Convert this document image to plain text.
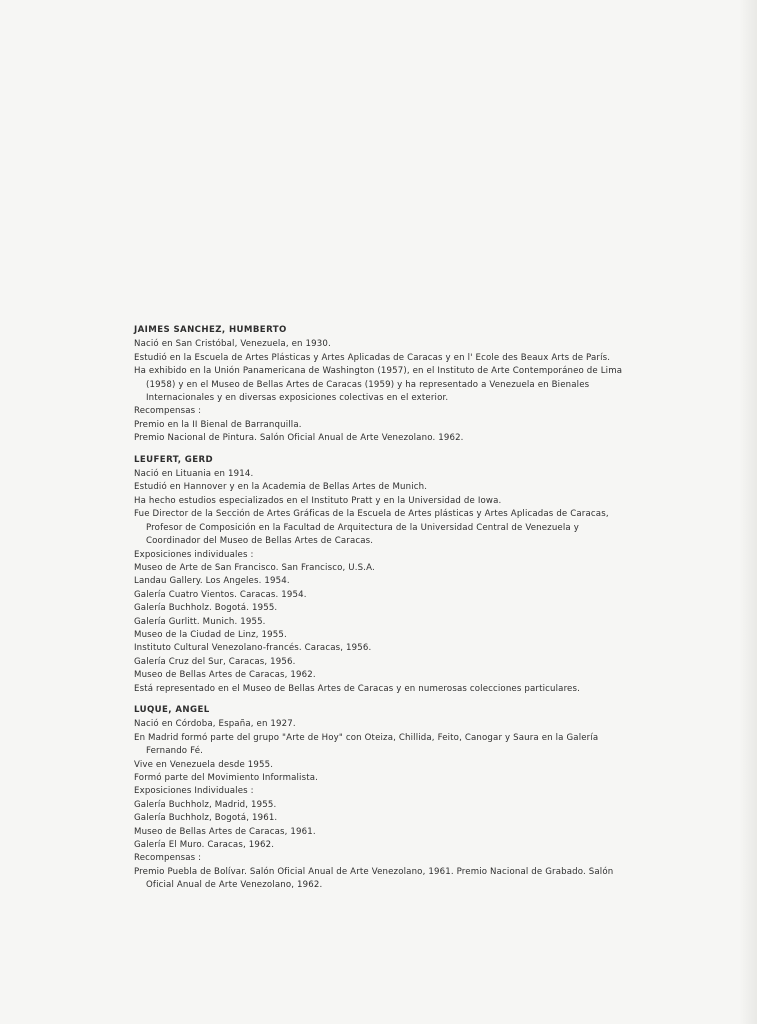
JAIMES SANCHEZ, HUMBERTO
Nació en San Cristóbal, Venezuela, en 1930.
Estudió en la Escuela de Artes Plásticas y Artes Aplicadas de Caracas y en l' Ecole des Beaux Arts de París.
Ha exhibido en la Unión Panamericana de Washington (1957), en el Instituto de Arte Contemporáneo de Lima (1958) y en el Museo de Bellas Artes de Caracas (1959) y ha representado a Venezuela en Bienales Internacionales y en diversas exposiciones colectivas en el exterior.
Recompensas :
Premio en la II Bienal de Barranquilla.
Premio Nacional de Pintura. Salón Oficial Anual de Arte Venezolano. 1962.
LEUFERT, GERD
Nació en Lituania en 1914.
Estudió en Hannover y en la Academia de Bellas Artes de Munich.
Ha hecho estudios especializados en el Instituto Pratt y en la Universidad de Iowa.
Fue Director de la Sección de Artes Gráficas de la Escuela de Artes plásticas y Artes Aplicadas de Caracas, Profesor de Composición en la Facultad de Arquitectura de la Universidad Central de Venezuela y Coordinador del Museo de Bellas Artes de Caracas.
Exposiciones individuales :
Museo de Arte de San Francisco. San Francisco, U.S.A.
Landau Gallery. Los Angeles. 1954.
Galería Cuatro Vientos. Caracas. 1954.
Galería Buchholz. Bogotá. 1955.
Galería Gurlitt. Munich. 1955.
Museo de la Ciudad de Linz, 1955.
Instituto Cultural Venezolano-francés. Caracas, 1956.
Galería Cruz del Sur, Caracas, 1956.
Museo de Bellas Artes de Caracas, 1962.
Está representado en el Museo de Bellas Artes de Caracas y en numerosas colecciones particulares.
LUQUE, ANGEL
Nació en Córdoba, España, en 1927.
En Madrid formó parte del grupo "Arte de Hoy" con Oteiza, Chillida, Feito, Canogar y Saura en la Galería Fernando Fé.
Vive en Venezuela desde 1955.
Formó parte del Movimiento Informalista.
Exposiciones Individuales :
Galería Buchholz, Madrid, 1955.
Galería Buchholz, Bogotá, 1961.
Museo de Bellas Artes de Caracas, 1961.
Galería El Muro. Caracas, 1962.
Recompensas :
Premio Puebla de Bolívar. Salón Oficial Anual de Arte Venezolano, 1961. Premio Nacional de Grabado. Salón Oficial Anual de Arte Venezolano, 1962.
